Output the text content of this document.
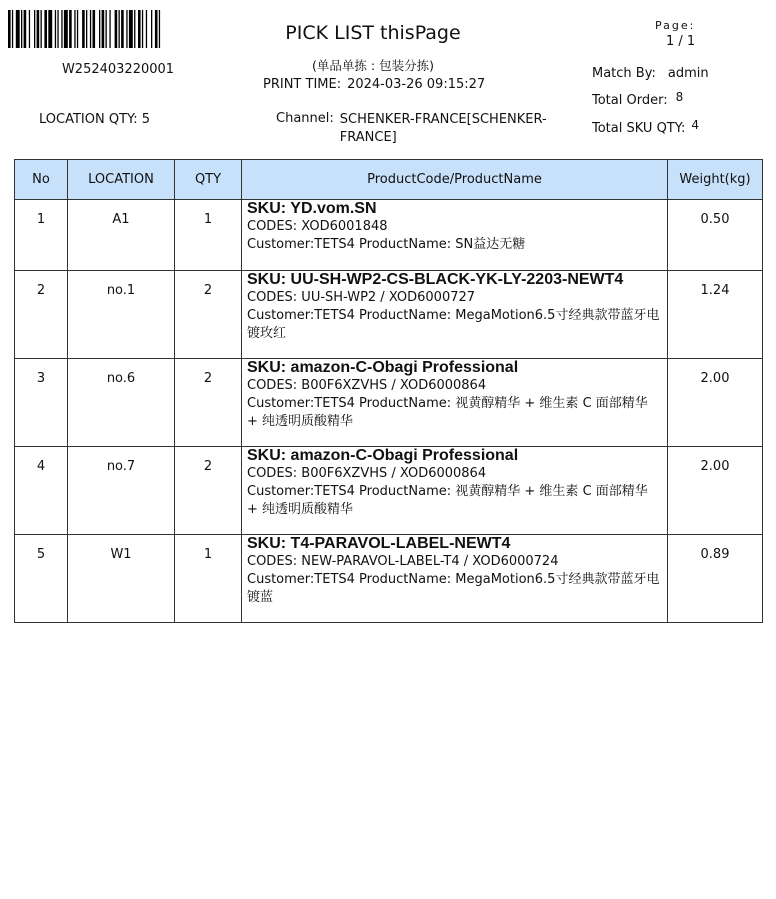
W252403220001
LOCATION QTY: 5
PICK LIST thisPage
(单品单拣 : 包装分拣)
PRINT TIME: 2024-03-26 09:15:27
Channel: SCHENKER-FRANCE[SCHENKER-FRANCE]
Page:
1 / 1
Match By: admin
Total Order: 8
Total SKU QTY: 4
No	LOCATION	QTY	ProductCode/ProductName	Weight(kg)
1	A1	1	SKU: YD.vom.SN
CODES: XOD6001848
Customer:TETS4 ProductName: SN益达无糖	0.50
2	no.1	2	SKU: UU-SH-WP2-CS-BLACK-YK-LY-2203-NEWT4
CODES: UU-SH-WP2 / XOD6000727
Customer:TETS4 ProductName: MegaMotion6.5寸经典款带蓝牙电镀玫红	1.24
3	no.6	2	SKU: amazon-C-Obagi Professional
CODES: B00F6XZVHS / XOD6000864
Customer:TETS4 ProductName: 视黄醇精华 + 维生素 C 面部精华 + 纯透明质酸精华	2.00
4	no.7	2	SKU: amazon-C-Obagi Professional
CODES: B00F6XZVHS / XOD6000864
Customer:TETS4 ProductName: 视黄醇精华 + 维生素 C 面部精华 + 纯透明质酸精华	2.00
5	W1	1	SKU: T4-PARAVOL-LABEL-NEWT4
CODES: NEW-PARAVOL-LABEL-T4 / XOD6000724
Customer:TETS4 ProductName: MegaMotion6.5寸经典款带蓝牙电镀蓝	0.89
